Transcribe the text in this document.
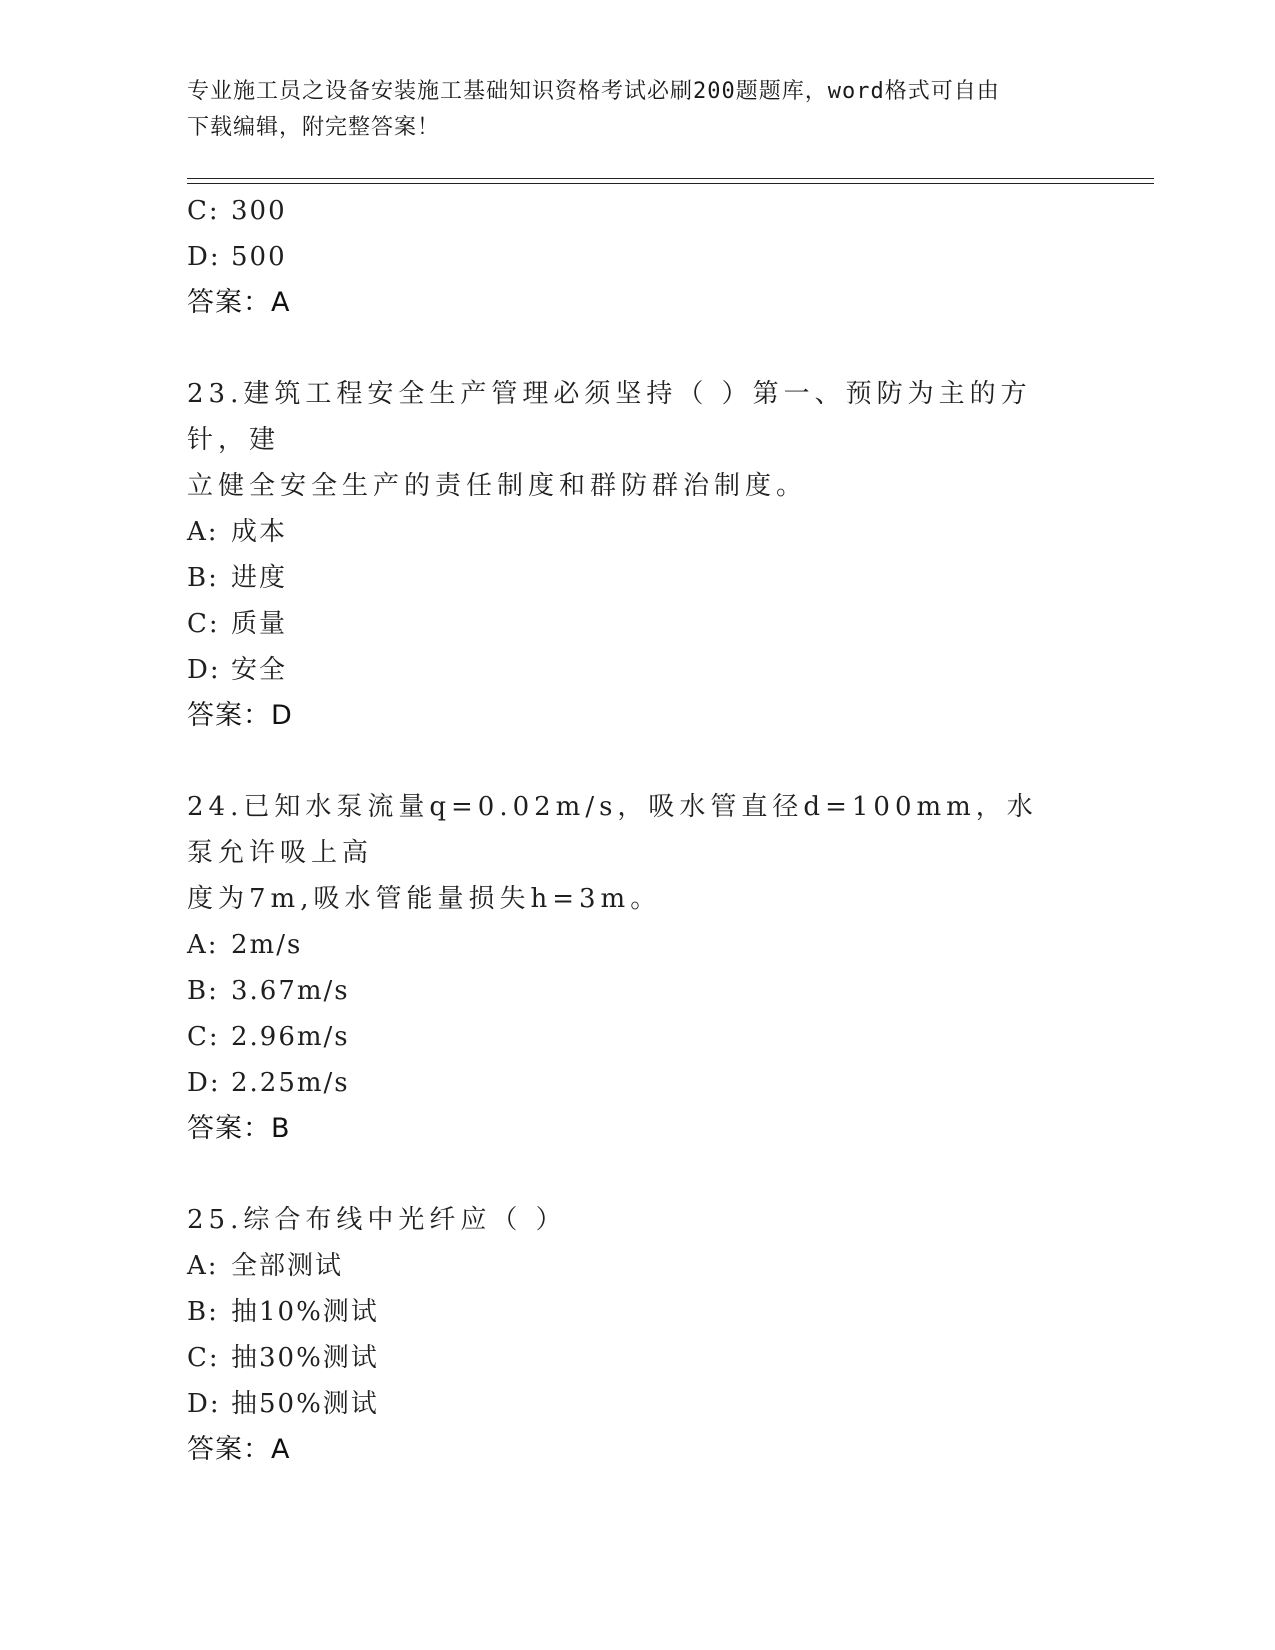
专业施工员之设备安装施工基础知识资格考试必刷200题题库，word格式可自由
下载编辑，附完整答案！
C: 300
D: 500
答案：A
23.建筑工程安全生产管理必须坚持（ ）第一、预防为主的方针，建
立健全安全生产的责任制度和群防群治制度。
A: 成本
B: 进度
C: 质量
D: 安全
答案：D
24.已知水泵流量q=0.02m/s，吸水管直径d=100mm，水泵允许吸上高
度为7m,吸水管能量损失h=3m。
A: 2m/s
B: 3.67m/s
C: 2.96m/s
D: 2.25m/s
答案：B
25.综合布线中光纤应（ ）
A: 全部测试
B: 抽10%测试
C: 抽30%测试
D: 抽50%测试
答案：A
